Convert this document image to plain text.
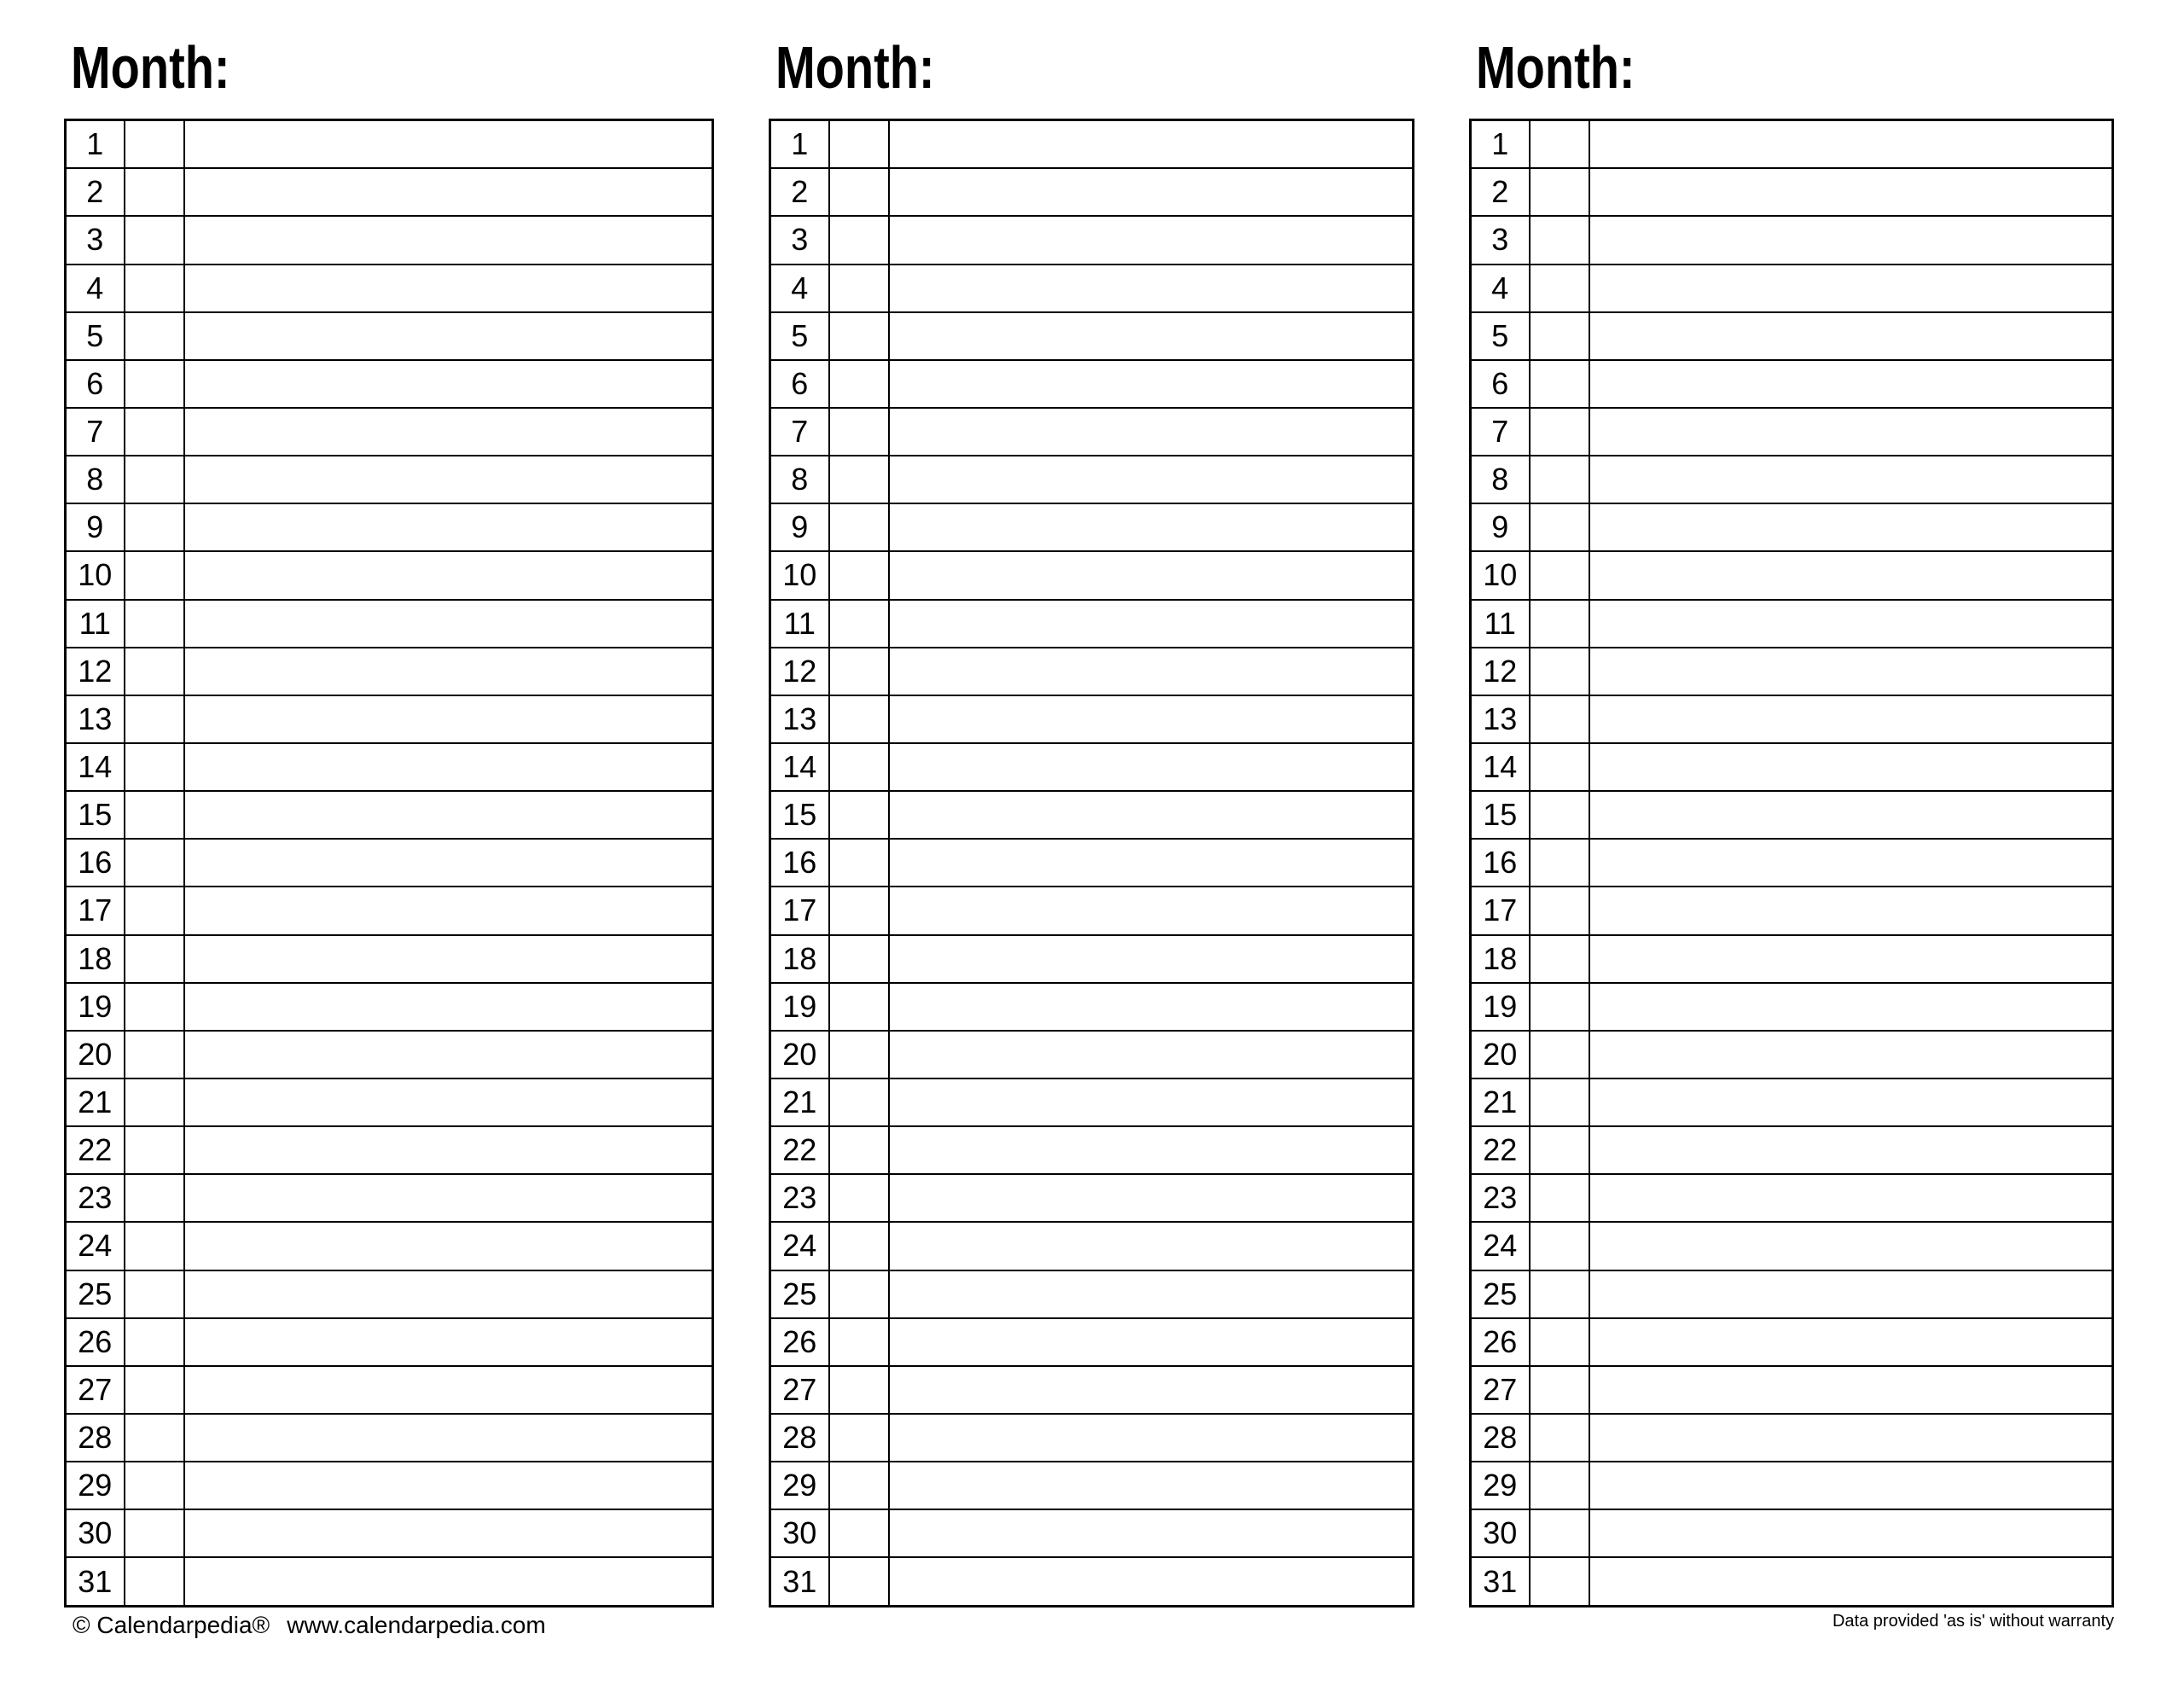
Month:
1		
2		
3		
4		
5		
6		
7		
8		
9		
10		
11		
12		
13		
14		
15		
16		
17		
18		
19		
20		
21		
22		
23		
24		
25		
26		
27		
28		
29		
30		
31		
Month:
1		
2		
3		
4		
5		
6		
7		
8		
9		
10		
11		
12		
13		
14		
15		
16		
17		
18		
19		
20		
21		
22		
23		
24		
25		
26		
27		
28		
29		
30		
31		
Month:
1		
2		
3		
4		
5		
6		
7		
8		
9		
10		
11		
12		
13		
14		
15		
16		
17		
18		
19		
20		
21		
22		
23		
24		
25		
26		
27		
28		
29		
30		
31		
© Calendarpedia® www.calendarpedia.com	Data provided 'as is' without warranty
